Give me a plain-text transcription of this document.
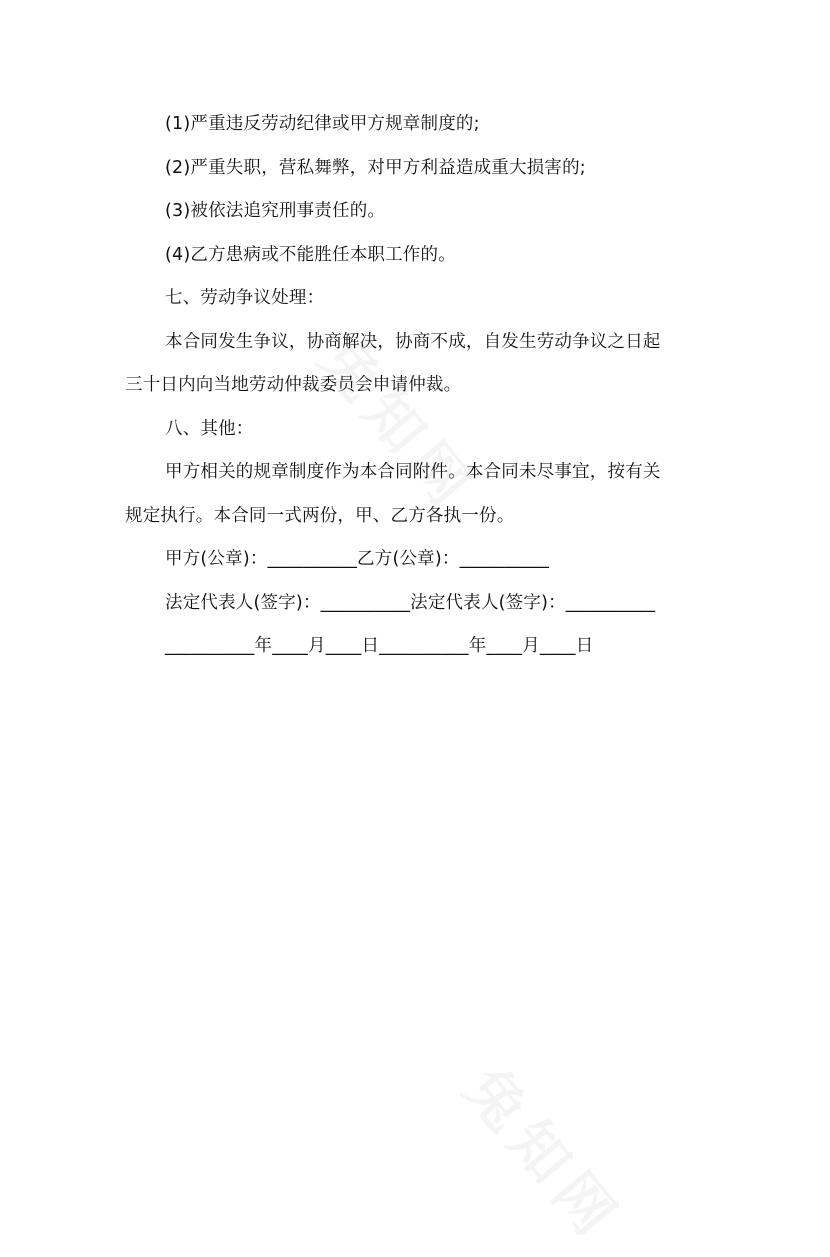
(1)严重违反劳动纪律或甲方规章制度的;
(2)严重失职，营私舞弊，对甲方利益造成重大损害的;
(3)被依法追究刑事责任的。
(4)乙方患病或不能胜任本职工作的。
七、劳动争议处理：
本合同发生争议，协商解决，协商不成，自发生劳动争议之日起
三十日内向当地劳动仲裁委员会申请仲裁。
八、其他：
甲方相关的规章制度作为本合同附件。本合同未尽事宜，按有关
规定执行。本合同一式两份，甲、乙方各执一份。
甲方(公章)：__________乙方(公章)：__________
法定代表人(签字)：__________法定代表人(签字)：__________
__________年____月____日__________年____月____日
